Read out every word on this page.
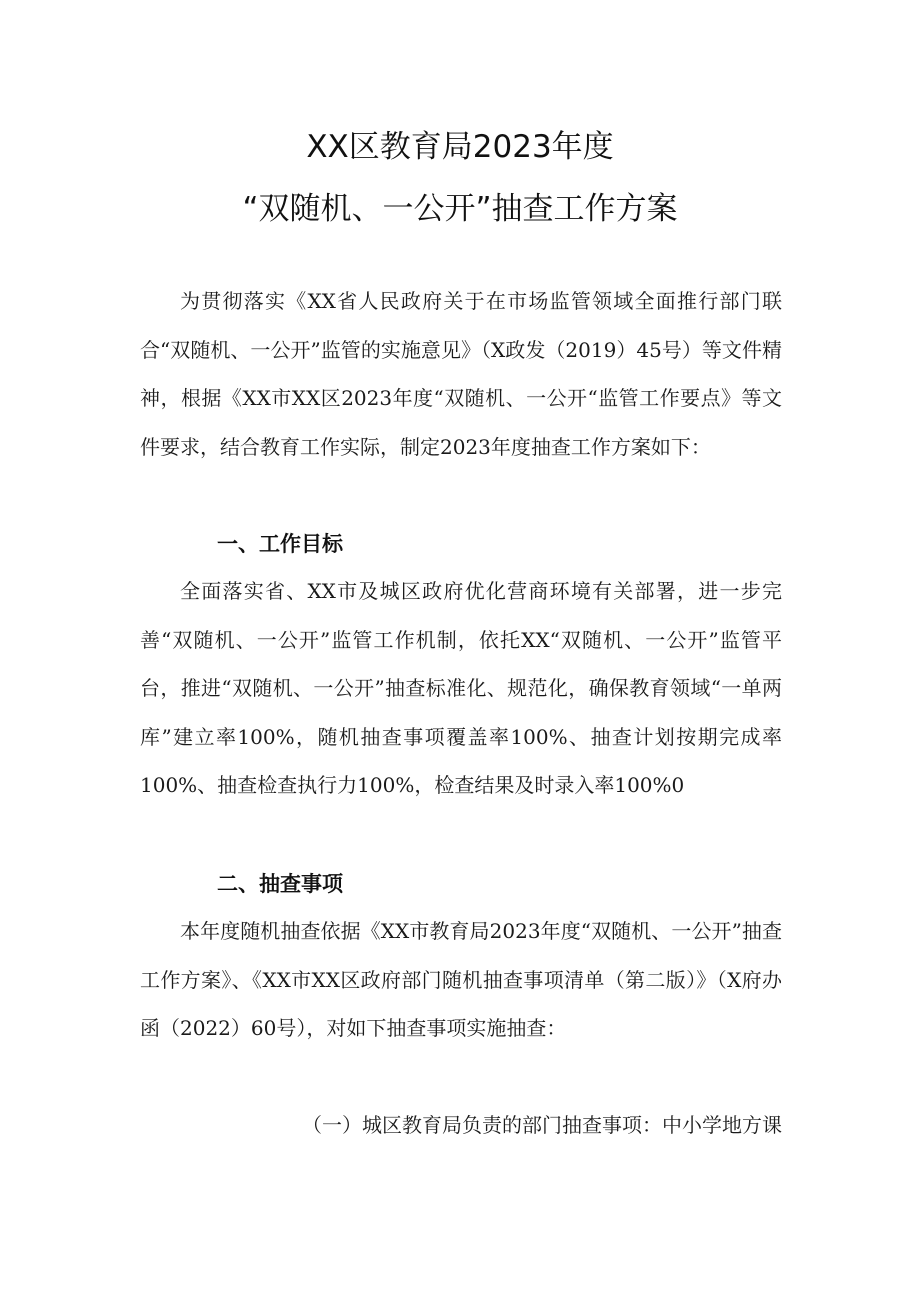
XX区教育局2023年度
“双随机、一公开”抽查工作方案

为贯彻落实《XX省人民政府关于在市场监管领域全面推行部门联合“双随机、一公开”监管的实施意见》（X政发（2019）45号）等文件精神，根据《XX市XX区2023年度“双随机、一公开“监管工作要点》等文件要求，结合教育工作实际，制定2023年度抽查工作方案如下：

一、工作目标

全面落实省、XX市及城区政府优化营商环境有关部署，进一步完善“双随机、一公开”监管工作机制，依托XX“双随机、一公开”监管平台，推进“双随机、一公开”抽查标准化、规范化，确保教育领域“一单两库”建立率100%，随机抽查事项覆盖率100%、抽查计划按期完成率100%、抽查检查执行力100%，检查结果及时录入率100%0

二、抽查事项

本年度随机抽查依据《XX市教育局2023年度“双随机、一公开”抽查工作方案》、《XX市XX区政府部门随机抽查事项清单（第二版）》（X府办函（2022）60号），对如下抽查事项实施抽查：

（一）城区教育局负责的部门抽查事项：中小学地方课
